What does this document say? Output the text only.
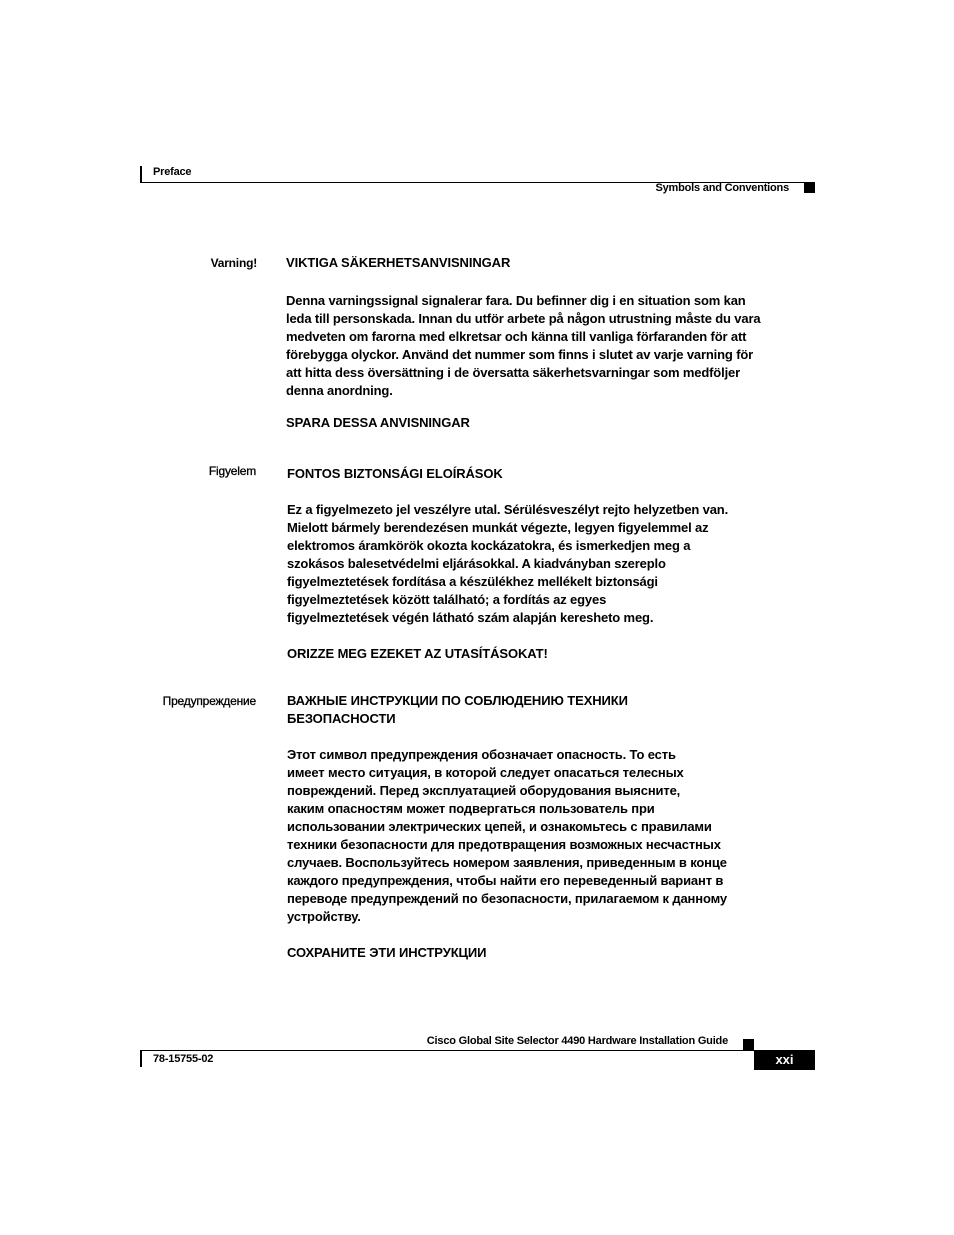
Preface
Symbols and Conventions
Varning! VIKTIGA SÄKERHETSANVISNINGAR
Denna varningssignal signalerar fara. Du befinner dig i en situation som kan
leda till personskada. Innan du utför arbete på någon utrustning måste du vara
medveten om farorna med elkretsar och känna till vanliga förfaranden för att
förebygga olyckor. Använd det nummer som finns i slutet av varje varning för
att hitta dess översättning i de översatta säkerhetsvarningar som medföljer
denna anordning.
SPARA DESSA ANVISNINGAR
Figyelem FONTOS BIZTONSÁGI ELOÍRÁSOK
Ez a figyelmezeto jel veszélyre utal. Sérülésveszélyt rejto helyzetben van.
Mielott bármely berendezésen munkát végezte, legyen figyelemmel az
elektromos áramkörök okozta kockázatokra, és ismerkedjen meg a
szokásos balesetvédelmi eljárásokkal. A kiadványban szereplo
figyelmeztetések fordítása a készülékhez mellékelt biztonsági
figyelmeztetések között található; a fordítás az egyes
figyelmeztetések végén látható szám alapján keresheto meg.
ORIZZE MEG EZEKET AZ UTASÍTÁSOKAT!
Предупреждение ВАЖНЫЕ ИНСТРУКЦИИ ПО СОБЛЮДЕНИЮ ТЕХНИКИ
БЕЗОПАСНОСТИ
Этот символ предупреждения обозначает опасность. То есть
имеет место ситуация, в которой следует опасаться телесных
повреждений. Перед эксплуатацией оборудования выясните,
каким опасностям может подвергаться пользователь при
использовании электрических цепей, и ознакомьтесь с правилами
техники безопасности для предотвращения возможных несчастных
случаев. Воспользуйтесь номером заявления, приведенным в конце
каждого предупреждения, чтобы найти его переведенный вариант в
переводе предупреждений по безопасности, прилагаемом к данному
устройству.
СОХРАНИТЕ ЭТИ ИНСТРУКЦИИ
Cisco Global Site Selector 4490 Hardware Installation Guide
78-15755-02	xxi
